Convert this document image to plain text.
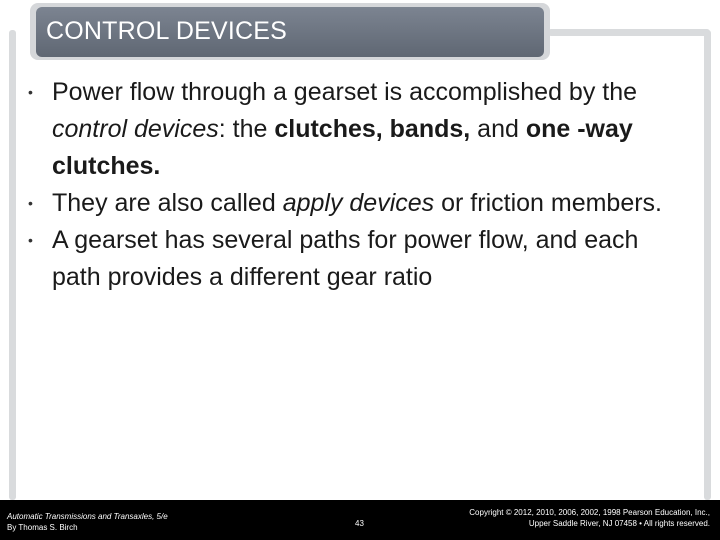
CONTROL DEVICES
• Power flow through a gearset is accomplished by the control devices: the clutches, bands, and one -way clutches.
• They are also called apply devices or friction members.
• A gearset has several paths for power flow, and each path provides a different gear ratio
Automatic Transmissions and Transaxles, 5/e
By Thomas S. Birch	43
Copyright © 2012, 2010, 2006, 2002, 1998 Pearson Education, Inc.,
Upper Saddle River, NJ 07458 • All rights reserved.
